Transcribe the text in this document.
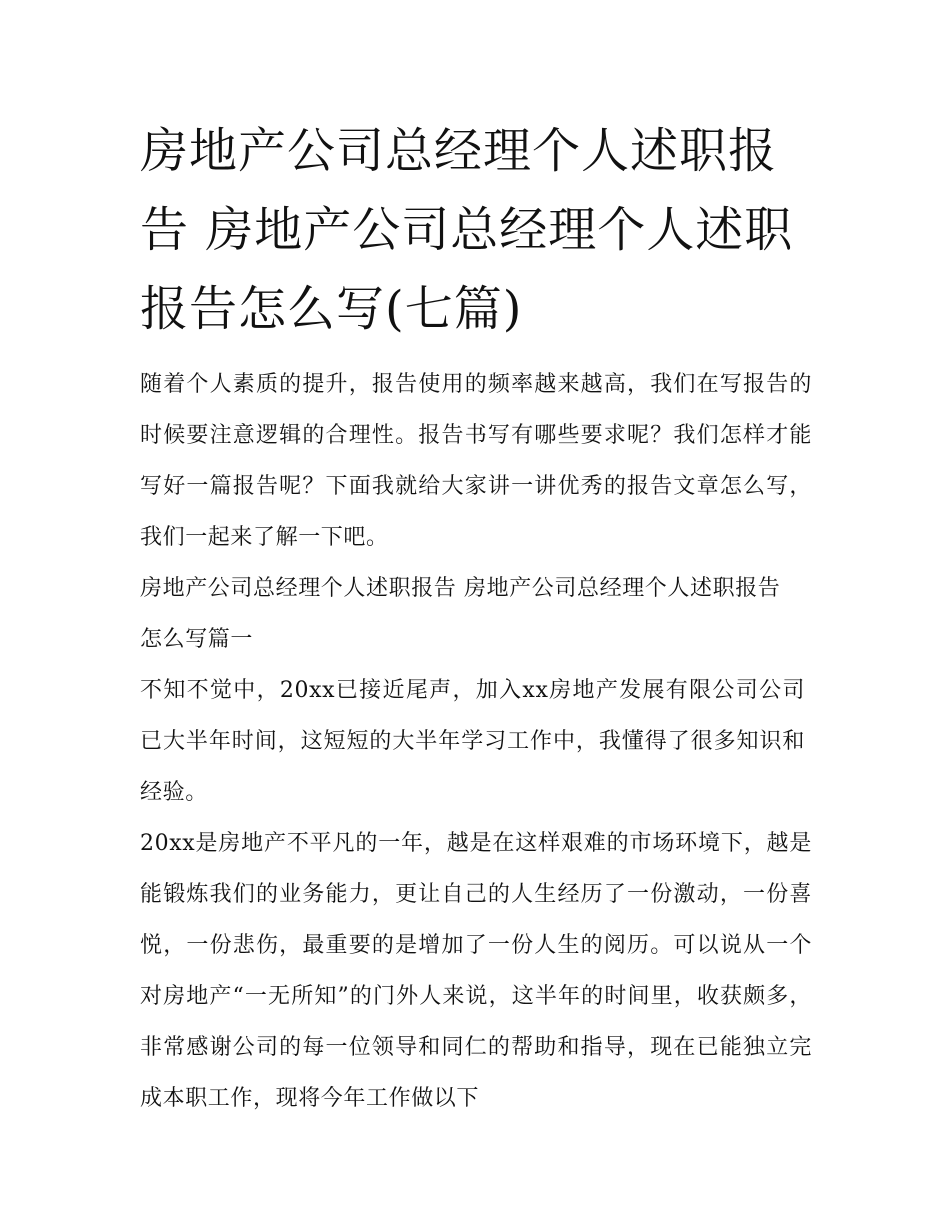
房地产公司总经理个人述职报告 房地产公司总经理个人述职报告怎么写(七篇)

随着个人素质的提升，报告使用的频率越来越高，我们在写报告的时候要注意逻辑的合理性。报告书写有哪些要求呢？我们怎样才能写好一篇报告呢？下面我就给大家讲一讲优秀的报告文章怎么写，我们一起来了解一下吧。

房地产公司总经理个人述职报告 房地产公司总经理个人述职报告怎么写篇一

不知不觉中，20xx已接近尾声，加入xx房地产发展有限公司公司已大半年时间，这短短的大半年学习工作中，我懂得了很多知识和经验。

20xx是房地产不平凡的一年，越是在这样艰难的市场环境下，越是能锻炼我们的业务能力，更让自己的人生经历了一份激动，一份喜悦，一份悲伤，最重要的是增加了一份人生的阅历。可以说从一个对房地产“一无所知”的门外人来说，这半年的时间里，收获颇多，非常感谢公司的每一位领导和同仁的帮助和指导，现在已能独立完成本职工作，现将今年工作做以下
